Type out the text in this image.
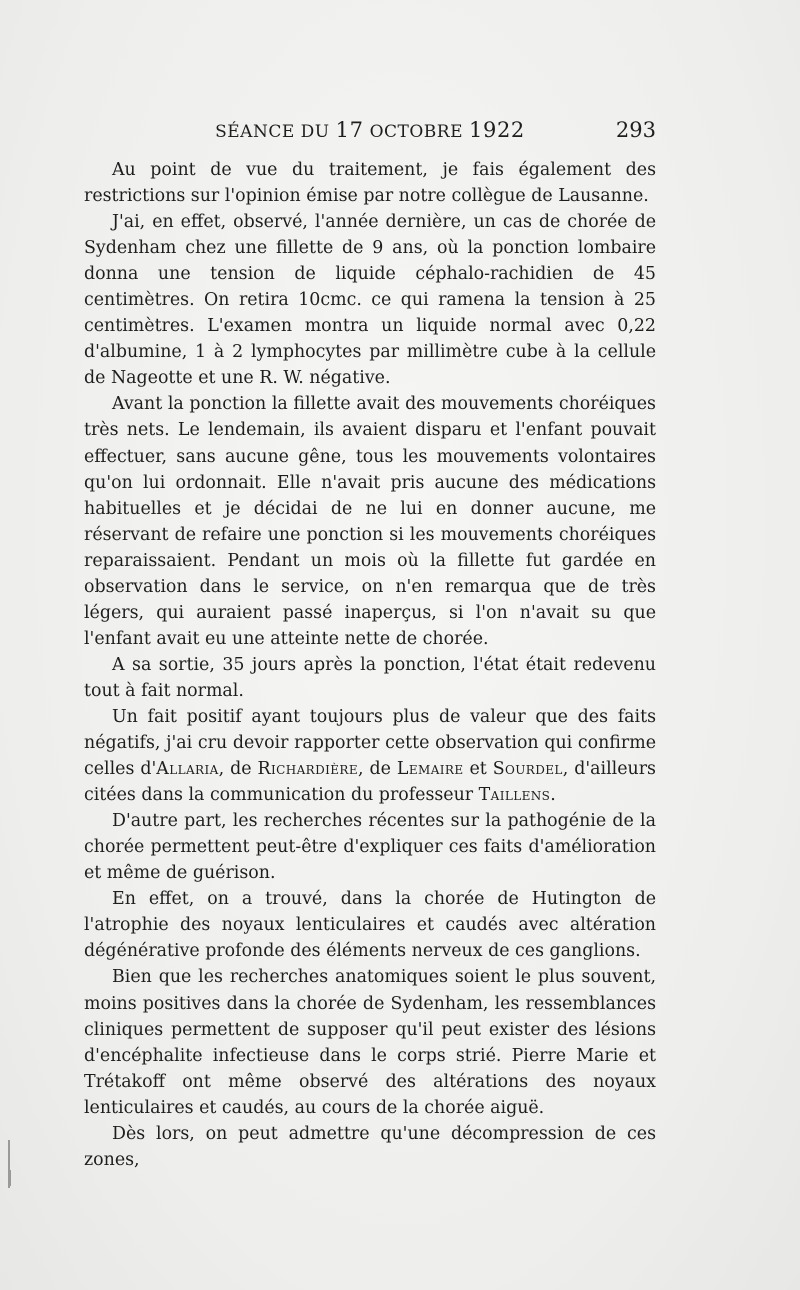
SÉANCE DU 17 OCTOBRE 1922	293

Au point de vue du traitement, je fais également des restrictions sur l'opinion émise par notre collègue de Lausanne.

J'ai, en effet, observé, l'année dernière, un cas de chorée de Sydenham chez une fillette de 9 ans, où la ponction lombaire donna une tension de liquide céphalo-rachidien de 45 centimètres. On retira 10cmc. ce qui ramena la tension à 25 centimètres. L'examen montra un liquide normal avec 0,22 d'albumine, 1 à 2 lymphocytes par millimètre cube à la cellule de Nageotte et une R. W. négative.

Avant la ponction la fillette avait des mouvements choréiques très nets. Le lendemain, ils avaient disparu et l'enfant pouvait effectuer, sans aucune gêne, tous les mouvements volontaires qu'on lui ordonnait. Elle n'avait pris aucune des médications habituelles et je décidai de ne lui en donner aucune, me réservant de refaire une ponction si les mouvements choréiques reparaissaient. Pendant un mois où la fillette fut gardée en observation dans le service, on n'en remarqua que de très légers, qui auraient passé inaperçus, si l'on n'avait su que l'enfant avait eu une atteinte nette de chorée.

A sa sortie, 35 jours après la ponction, l'état était redevenu tout à fait normal.

Un fait positif ayant toujours plus de valeur que des faits négatifs, j'ai cru devoir rapporter cette observation qui confirme celles d'Allaria, de Richardière, de Lemaire et Sourdel, d'ailleurs citées dans la communication du professeur Taillens.

D'autre part, les recherches récentes sur la pathogénie de la chorée permettent peut-être d'expliquer ces faits d'amélioration et même de guérison.

En effet, on a trouvé, dans la chorée de Hutington de l'atrophie des noyaux lenticulaires et caudés avec altération dégénérative profonde des éléments nerveux de ces ganglions.

Bien que les recherches anatomiques soient le plus souvent, moins positives dans la chorée de Sydenham, les ressemblances cliniques permettent de supposer qu'il peut exister des lésions d'encéphalite infectieuse dans le corps strié. Pierre Marie et Trétakoff ont même observé des altérations des noyaux lenticulaires et caudés, au cours de la chorée aiguë.

Dès lors, on peut admettre qu'une décompression de ces zones,
